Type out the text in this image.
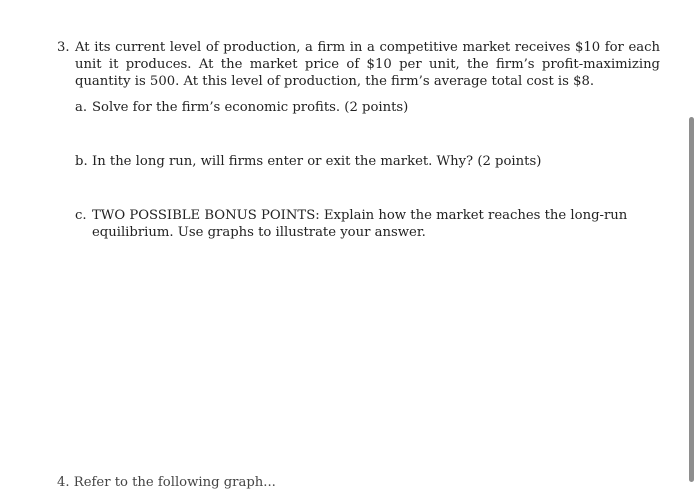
3. At its current level of production, a firm in a competitive market receives $10 for each unit it produces. At the market price of $10 per unit, the firm’s profit-maximizing quantity is 500. At this level of production, the firm’s average total cost is $8.
a. Solve for the firm’s economic profits. (2 points)
b. In the long run, will firms enter or exit the market. Why? (2 points)
c. TWO POSSIBLE BONUS POINTS: Explain how the market reaches the long-run equilibrium. Use graphs to illustrate your answer.
4. Refer to the following graph...
